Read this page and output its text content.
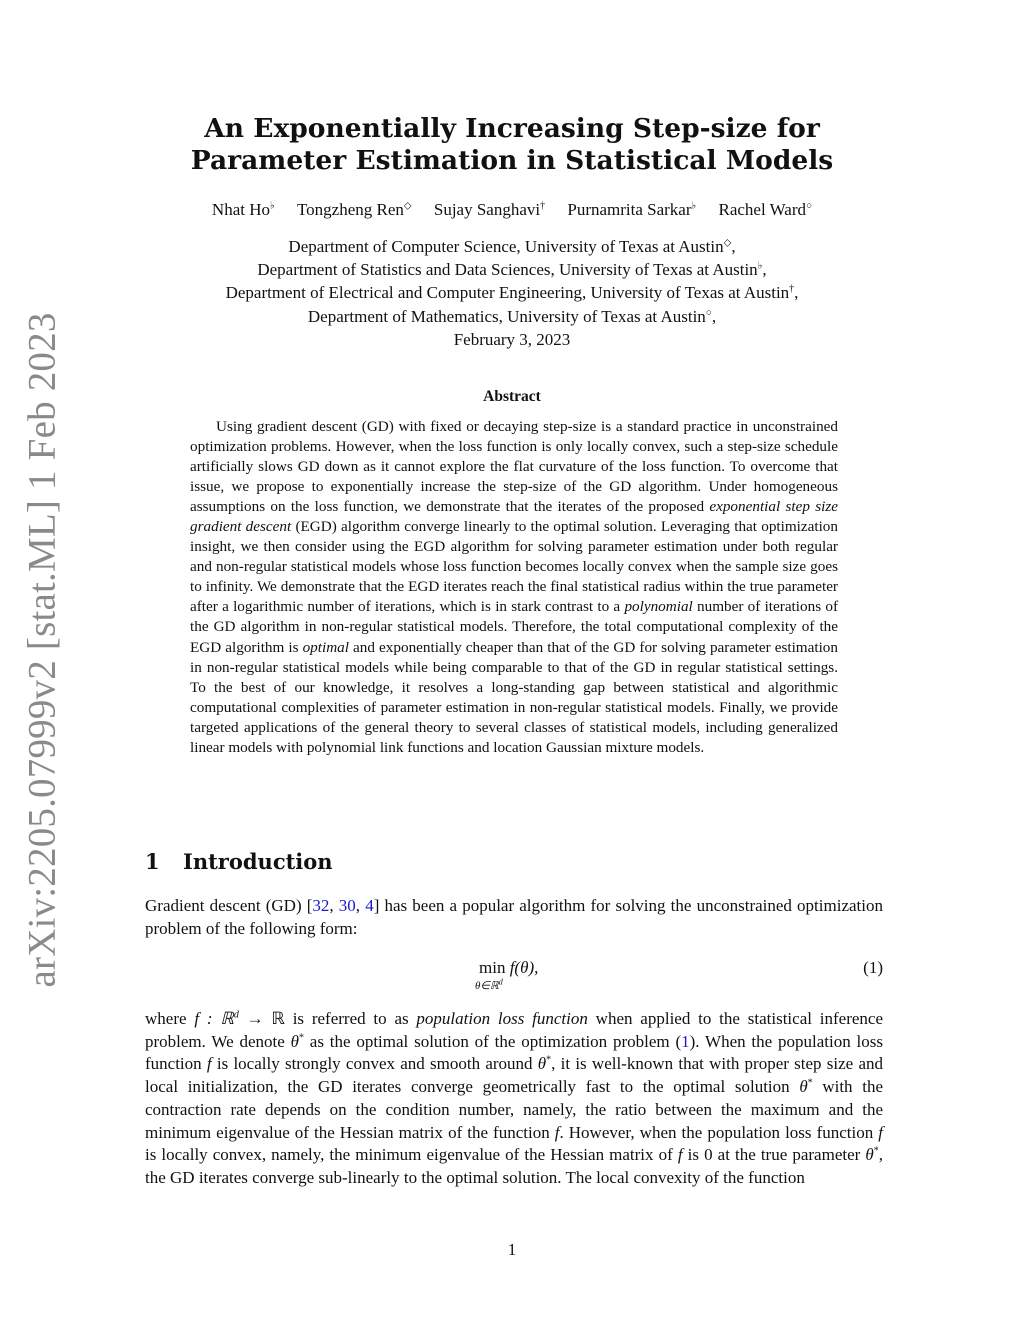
arXiv:2205.07999v2 [stat.ML] 1 Feb 2023
An Exponentially Increasing Step-size for
Parameter Estimation in Statistical Models
Nhat Ho♭ Tongzheng Ren◇ Sujay Sanghavi† Purnamrita Sarkar♭ Rachel Ward○
Department of Computer Science, University of Texas at Austin◇,
Department of Statistics and Data Sciences, University of Texas at Austin♭,
Department of Electrical and Computer Engineering, University of Texas at Austin†,
Department of Mathematics, University of Texas at Austin○,
February 3, 2023
Abstract
Using gradient descent (GD) with fixed or decaying step-size is a standard practice in unconstrained optimization problems. However, when the loss function is only locally convex, such a step-size schedule artificially slows GD down as it cannot explore the flat curvature of the loss function. To overcome that issue, we propose to exponentially increase the step-size of the GD algorithm. Under homogeneous assumptions on the loss function, we demonstrate that the iterates of the proposed exponential step size gradient descent (EGD) algorithm converge linearly to the optimal solution. Leveraging that optimization insight, we then consider using the EGD algorithm for solving parameter estimation under both regular and non-regular statistical models whose loss function becomes locally convex when the sample size goes to infinity. We demonstrate that the EGD iterates reach the final statistical radius within the true parameter after a logarithmic number of iterations, which is in stark contrast to a polynomial number of iterations of the GD algorithm in non-regular statistical models. Therefore, the total computational complexity of the EGD algorithm is optimal and exponentially cheaper than that of the GD for solving parameter estimation in non-regular statistical models while being comparable to that of the GD in regular statistical settings. To the best of our knowledge, it resolves a long-standing gap between statistical and algorithmic computational complexities of parameter estimation in non-regular statistical models. Finally, we provide targeted applications of the general theory to several classes of statistical models, including generalized linear models with polynomial link functions and location Gaussian mixture models.
1 Introduction
Gradient descent (GD) [32, 30, 4] has been a popular algorithm for solving the unconstrained optimization problem of the following form:
min f(θ),
θ∈ℝ$^d$
(1)
where f : ℝ$^d$ → ℝ is referred to as population loss function when applied to the statistical inference problem. We denote θ* as the optimal solution of the optimization problem (1). When the population loss function f is locally strongly convex and smooth around θ*, it is well-known that with proper step size and local initialization, the GD iterates converge geometrically fast to the optimal solution θ* with the contraction rate depends on the condition number, namely, the ratio between the maximum and the minimum eigenvalue of the Hessian matrix of the function f. However, when the population loss function f is locally convex, namely, the minimum eigenvalue of the Hessian matrix of f is 0 at the true parameter θ*, the GD iterates converge sub-linearly to the optimal solution. The local convexity of the function
1
